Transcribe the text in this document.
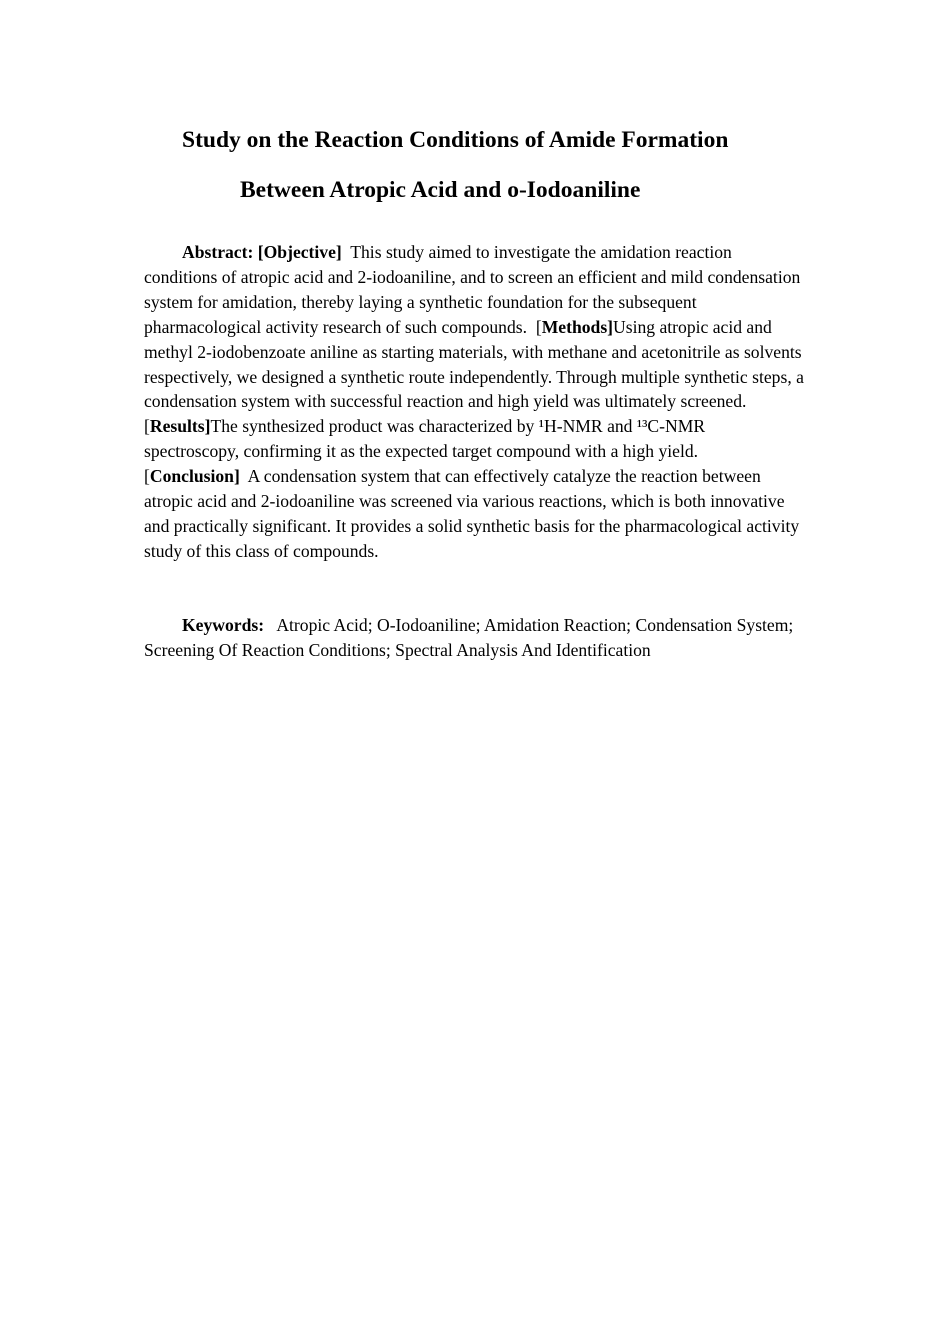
Study on the Reaction Conditions of Amide Formation
Between Atropic Acid and o-Iodoaniline
Abstract: [Objective] This study aimed to investigate the amidation reaction conditions of atropic acid and 2-iodoaniline, and to screen an efficient and mild condensation system for amidation, thereby laying a synthetic foundation for the subsequent pharmacological activity research of such compounds. [Methods]Using atropic acid and methyl 2-iodobenzoate aniline as starting materials, with methane and acetonitrile as solvents respectively, we designed a synthetic route independently. Through multiple synthetic steps, a condensation system with successful reaction and high yield was ultimately screened.  [Results]The synthesized product was characterized by ¹H-NMR and ¹³C-NMR spectroscopy, confirming it as the expected target compound with a high yield.  [Conclusion] A condensation system that can effectively catalyze the reaction between atropic acid and 2-iodoaniline was screened via various reactions, which is both innovative and practically significant. It provides a solid synthetic basis for the pharmacological activity study of this class of compounds.
Keywords: Atropic Acid; O-Iodoaniline; Amidation Reaction; Condensation System; Screening Of Reaction Conditions; Spectral Analysis And Identification
